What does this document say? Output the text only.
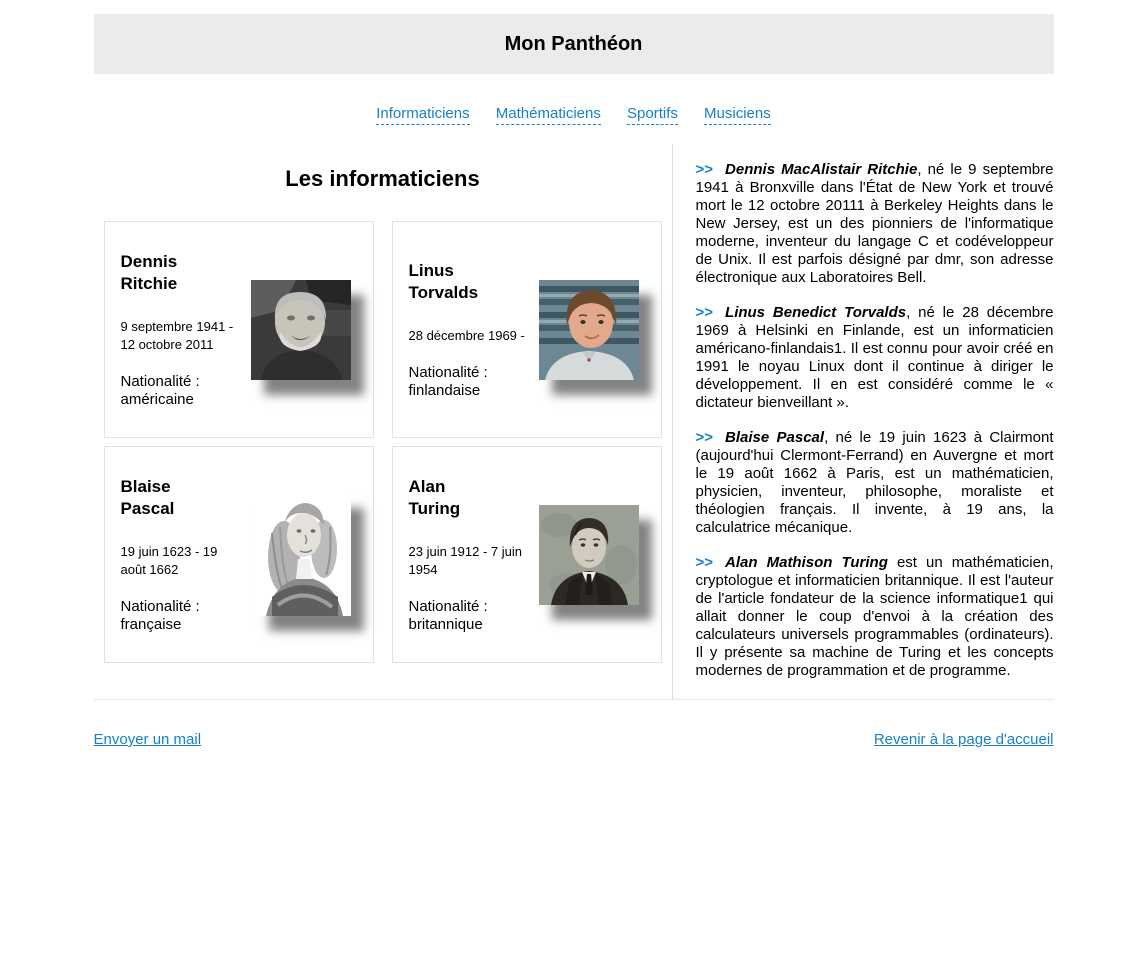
Mon Panthéon
Informaticiens Mathématiciens Sportifs Musiciens
Les informaticiens
Dennis Ritchie

9 septembre 1941 - 12 octobre 2011

Nationalité : américaine

Linus Torvalds

28 décembre 1969 -

Nationalité : finlandaise

Blaise Pascal

19 juin 1623 - 19 août 1662

Nationalité : française

Alan Turing

23 juin 1912 - 7 juin 1954

Nationalité : britannique

>> Dennis MacAlistair Ritchie, né le 9 septembre 1941 à Bronxville dans l'État de New York et trouvé mort le 12 octobre 20111 à Berkeley Heights dans le New Jersey, est un des pionniers de l'informatique moderne, inventeur du langage C et codéveloppeur de Unix. Il est parfois désigné par dmr, son adresse électronique aux Laboratoires Bell.

>> Linus Benedict Torvalds, né le 28 décembre 1969 à Helsinki en Finlande, est un informaticien américano-finlandais1. Il est connu pour avoir créé en 1991 le noyau Linux dont il continue à diriger le développement. Il en est considéré comme le « dictateur bienveillant ».

>> Blaise Pascal, né le 19 juin 1623 à Clairmont (aujourd'hui Clermont-Ferrand) en Auvergne et mort le 19 août 1662 à Paris, est un mathématicien, physicien, inventeur, philosophe, moraliste et théologien français. Il invente, à 19 ans, la calculatrice mécanique.

>> Alan Mathison Turing est un mathématicien, cryptologue et informaticien britannique. Il est l'auteur de l'article fondateur de la science informatique1 qui allait donner le coup d'envoi à la création des calculateurs universels programmables (ordinateurs). Il y présente sa machine de Turing et les concepts modernes de programmation et de programme.

Envoyer un mail	Revenir à la page d'accueil
